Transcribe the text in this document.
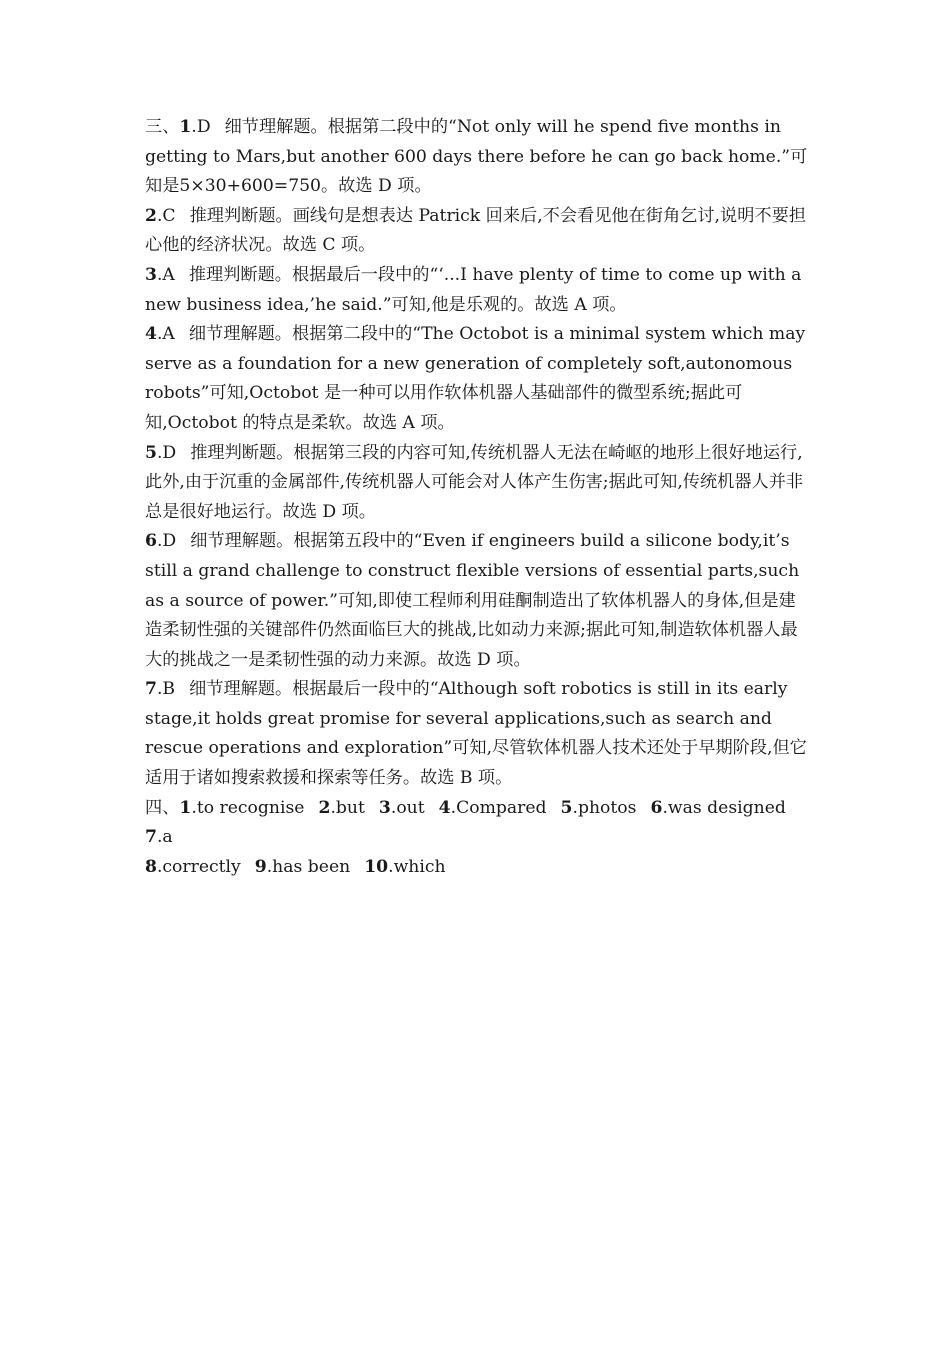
三、1.D 细节理解题。根据第二段中的“Not only will he spend five months in getting to Mars,but another 600 days there before he can go back home.”可知是5×30+600=750。故选 D 项。

2.C 推理判断题。画线句是想表达 Patrick 回来后,不会看见他在街角乞讨,说明不要担心他的经济状况。故选 C 项。

3.A 推理判断题。根据最后一段中的“‘...I have plenty of time to come up with a new business idea,’he said.”可知,他是乐观的。故选 A 项。

4.A 细节理解题。根据第二段中的“The Octobot is a minimal system which may serve as a foundation for a new generation of completely soft,autonomous robots”可知,Octobot 是一种可以用作软体机器人基础部件的微型系统;据此可知,Octobot 的特点是柔软。故选 A 项。

5.D 推理判断题。根据第三段的内容可知,传统机器人无法在崎岖的地形上很好地运行,此外,由于沉重的金属部件,传统机器人可能会对人体产生伤害;据此可知,传统机器人并非总是很好地运行。故选 D 项。

6.D 细节理解题。根据第五段中的“Even if engineers build a silicone body,it’s still a grand challenge to construct flexible versions of essential parts,such as a source of power.”可知,即使工程师利用硅酮制造出了软体机器人的身体,但是建造柔韧性强的关键部件仍然面临巨大的挑战,比如动力来源;据此可知,制造软体机器人最大的挑战之一是柔韧性强的动力来源。故选 D 项。

7.B 细节理解题。根据最后一段中的“Although soft robotics is still in its early stage,it holds great promise for several applications,such as search and rescue operations and exploration”可知,尽管软体机器人技术还处于早期阶段,但它适用于诸如搜索救援和探索等任务。故选 B 项。

四、1.to recognise 2.but 3.out 4.Compared 5.photos 6.was designed7.a
8.correctly 9.has been 10.which
